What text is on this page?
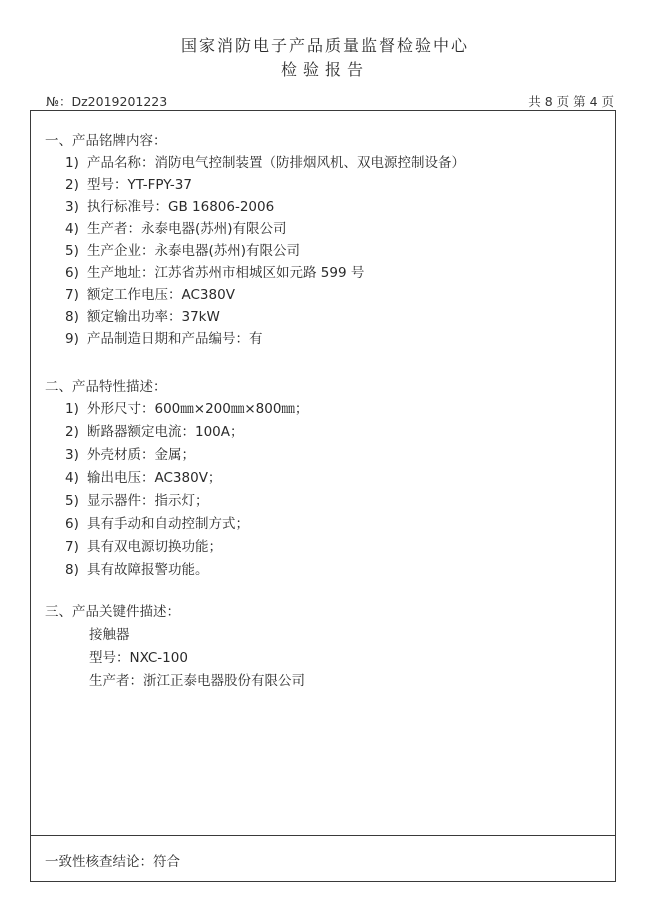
国家消防电子产品质量监督检验中心
检验报告
№：Dz2019201223	共 8 页 第 4 页
一、产品铭牌内容：
1) 产品名称：消防电气控制装置（防排烟风机、双电源控制设备）
2) 型号：YT-FPY-37
3) 执行标准号：GB 16806-2006
4) 生产者：永泰电器(苏州)有限公司
5) 生产企业：永泰电器(苏州)有限公司
6) 生产地址：江苏省苏州市相城区如元路 599 号
7) 额定工作电压：AC380V
8) 额定输出功率：37kW
9) 产品制造日期和产品编号：有
二、产品特性描述：
1) 外形尺寸：600㎜×200㎜×800㎜；
2) 断路器额定电流：100A；
3) 外壳材质：金属；
4) 输出电压：AC380V；
5) 显示器件：指示灯；
6) 具有手动和自动控制方式；
7) 具有双电源切换功能；
8) 具有故障报警功能。
三、产品关键件描述：
接触器
型号：NXC-100
生产者：浙江正泰电器股份有限公司
一致性核查结论：符合
